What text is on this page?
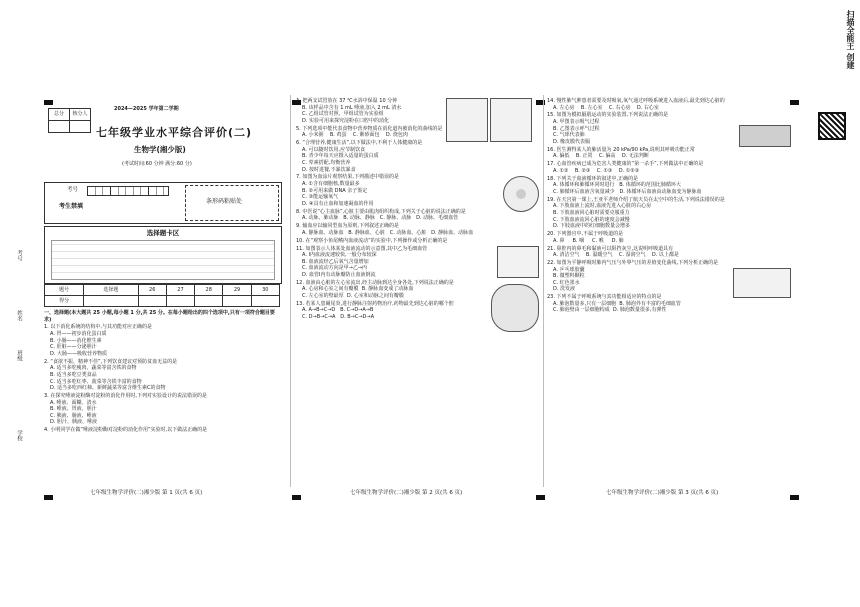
学校
班级
姓名
考号
总分	核分人

2024—2025 学年第二学期
七年级学业水平综合评价(二)
生物学(湘少版)
(考试时间:60 分钟 满分:60 分)
考号
考生禁填
条形码粘贴处
选择题卡区
题号	选择题	26	27	28	29	30
得分						
一、选择题(本大题共 25 小题,每小题 1 分,共 25 分。在每小题给出的四个选项中,只有一项符合题目要求)
1. 以下消化系统的结构中,与其功能对应正确的是
A. 胃——初步消化蛋白质
B. 小肠——消化维生素
C. 肝脏——分泌胆汁
D. 大肠——吸收营养物质
2. “食欲不振、精神不佳”,下列饮食建议对预防贫血无益的是
A. 适当多吃瘦肉、蔬菜等富含铁的食物
B. 适当多吃豆类食品
C. 适当多吃红枣、菠菜等含铁丰富的食物
D. 适当多吃西红柿、新鲜蔬菜等富含维生素C的食物
3. 在探究唾液淀粉酶对淀粉的消化作用时,下列对实验设计的说法错误的是
A. 唾液、面糊、清水
B. 唾液、胃液、胆汁
C. 胰液、肠液、唾液
D. 胆汁、胰液、唾液
4. 小明同学在做“唾液淀粉酶对淀粉的消化作用”实验时,以下做法正确的是
七年级生物学评价(二)湘少版 第 1 页(共 6 页)

A. 把两支试管放在 37 ℃水浴中保温 10 分钟
B. 该样品中含有 1 mL 唾液,加入 2 mL 清水
C. 乙组试管对照、甲组试管为实验组
D. 实验可用来探究淀粉在口腔中的消化
5. 下列选项中能代表食物中营养物质在消化道内被消化的曲线的是
A. 小米粥 B. 鸡蛋 C. 紫砂面包 D. 烧包肉
6. “合理营养,健康生活”,以下做法中,不利于人体健康的是
A. 可以随时饮用,应节制饮食
B. 青少年每天应摄入适量的蛋白质
C. 荤素搭配,均衡营养
D. 按时进餐,不暴饮暴食
7. 如图为血涂片观察结果,下列描述中错误的是
A. ①含有细胞核,数量最多
B. ②可用来做 DNA 亲子鉴定
C. ③能运输氧气
D. ④具有止血和加速凝血的作用
8. 中医说“心主血脉”,心脏主要由肌肉组织构成,下列关于心脏的说法正确的是
A. 动脉、肺动脉 B. 动脉、静脉 C. 静脉、动脉 D. 动脉、毛细血管
9. 输血应以输同型血为原则,下列叙述正确的是
A. 静脉血、动脉血 B. 静脉血、心脏 C. 动脉血、心脏 D. 静脉血、动脉血
10. 在“观察小鱼尾鳍内血液流动”的实验中,下列操作或分析正确的是
11. 如图表示人体某处血液流动的示意图,其中乙为毛细血管
A. Ⅰ内血液流速较快,一般分布较深
B. 血液流经乙后氧气含量增加
C. 血液流动方向是甲→乙→丙
D. 血管Ⅰ内有动脉瓣防止血液倒流
12. 血液由心脏的左心室流出,经主动脉到达全身各处,下列说法正确的是
A. 心房和心室之间有瓣膜 B. 静脉血变成了动脉血
C. 左心室的壁最厚 D. 心室和动脉之间有瓣膜
13. 若某人患阑尾炎,进行静脉注射药物治疗,药物最先到达心脏的哪个腔
A. A→B→C→D B. C→D→A→B
C. D→B→C→A D. B→C→D→A
七年级生物学评价(二)湘少版 第 2 页(共 6 页)
14. 慢性肺气肿患者需要及时吸氧,氧气通过呼吸系统进入血液后,最先到达心脏的
A. 左心房 B. 左心室 C. 右心房 D. 右心室
15. 如图为模拟膈肌运动的实验装置,下列说法正确的是
A. 甲图表示吸气过程
B. 乙图表示呼气过程
C. 气球代表肺
D. 橡皮膜代表膈
16. 医生测得某人的肺活量为 20 kPa/90 kPa,说明其呼吸功能正常
A. 偏低 B. 正常 C. 偏高 D. 无法判断
17. 心血管疾病已成为危害人类健康的“第一杀手”,下列做法中正确的是
A. ①② B. ②③ C. ①③ D. ①②③
18. 下列关于血液循环的叙述中,正确的是
A. 体循环和肺循环同时进行 B. 体循环的范围比肺循环大
C. 肺循环后血液含氧量减少 D. 体循环后血液由动脉血变为静脉血
19. 在天宫第一课上,王亚平老师介绍了航天员在太空中的生活,下列说法错误的是
A. 下肢血液上流时,血液先进入心脏的右心房
B. 下肢血液回心脏时需要克服重力
C. 下肢血液流回心脏的速度会减慢
D. 下肢血液中的红细胞数量会增多
20. 下列器官中,不属于呼吸道的是
A. 鼻 B. 咽 C. 喉 D. 肺
21. 鼻腔内的鼻毛和黏液可以阻挡灰尘,这说明呼吸道具有
A. 清洁空气 B. 温暖空气 C. 湿润空气 D. 以上都是
22. 如图为平静呼吸时肺内气压与外界气压的差值变化曲线,下列分析正确的是
A. 乒乓球胶囊
B. 微塑料颗粒
C. 红色墨水
D. 洗发液
23. 下列不属于呼吸系统与其功能相适应的特点的是
A. 肺泡数量多,只有一层细胞 B. 肺泡外有丰富的毛细血管
C. 肺泡壁由一层细胞构成 D. 肺泡数量很多,有弹性
七年级生物学评价(二)湘少版 第 3 页(共 6 页)
扫描全能王 创建
